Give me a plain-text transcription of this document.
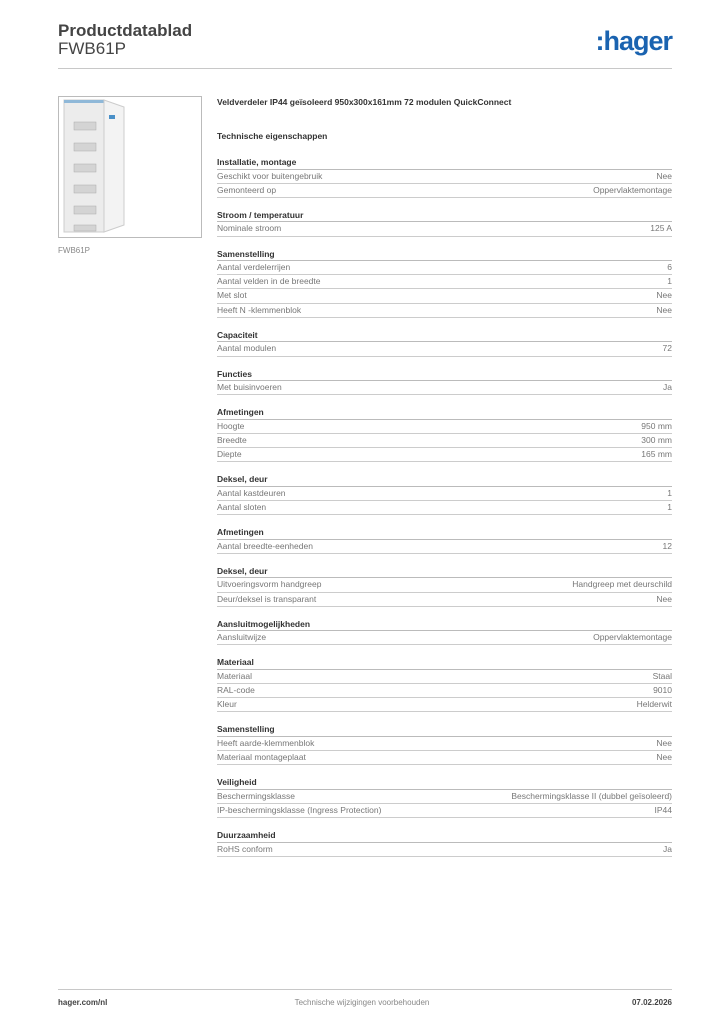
Productdatablad
FWB61P	:hager
FWB61P
Veldverdeler IP44 geïsoleerd 950x300x161mm 72 modulen QuickConnect
Technische eigenschappen
Installatie, montage
Geschikt voor buitengebruik	Nee
Gemonteerd op	Oppervlaktemontage
Stroom / temperatuur
Nominale stroom	125 A
Samenstelling
Aantal verdelerrijen	6
Aantal velden in de breedte	1
Met slot	Nee
Heeft N -klemmenblok	Nee
Capaciteit
Aantal modulen	72
Functies
Met buisinvoeren	Ja
Afmetingen
Hoogte	950 mm
Breedte	300 mm
Diepte	165 mm
Deksel, deur
Aantal kastdeuren	1
Aantal sloten	1
Afmetingen
Aantal breedte-eenheden	12
Deksel, deur
Uitvoeringsvorm handgreep	Handgreep met deurschild
Deur/deksel is transparant	Nee
Aansluitmogelijkheden
Aansluitwijze	Oppervlaktemontage
Materiaal
Materiaal	Staal
RAL-code	9010
Kleur	Helderwit
Samenstelling
Heeft aarde-klemmenblok	Nee
Materiaal montageplaat	Nee
Veiligheid
Beschermingsklasse	Beschermingsklasse II (dubbel geïsoleerd)
IP-beschermingsklasse (Ingress Protection)	IP44
Duurzaamheid
RoHS conform	Ja
hager.com/nl	Technische wijzigingen voorbehouden	07.02.2026
